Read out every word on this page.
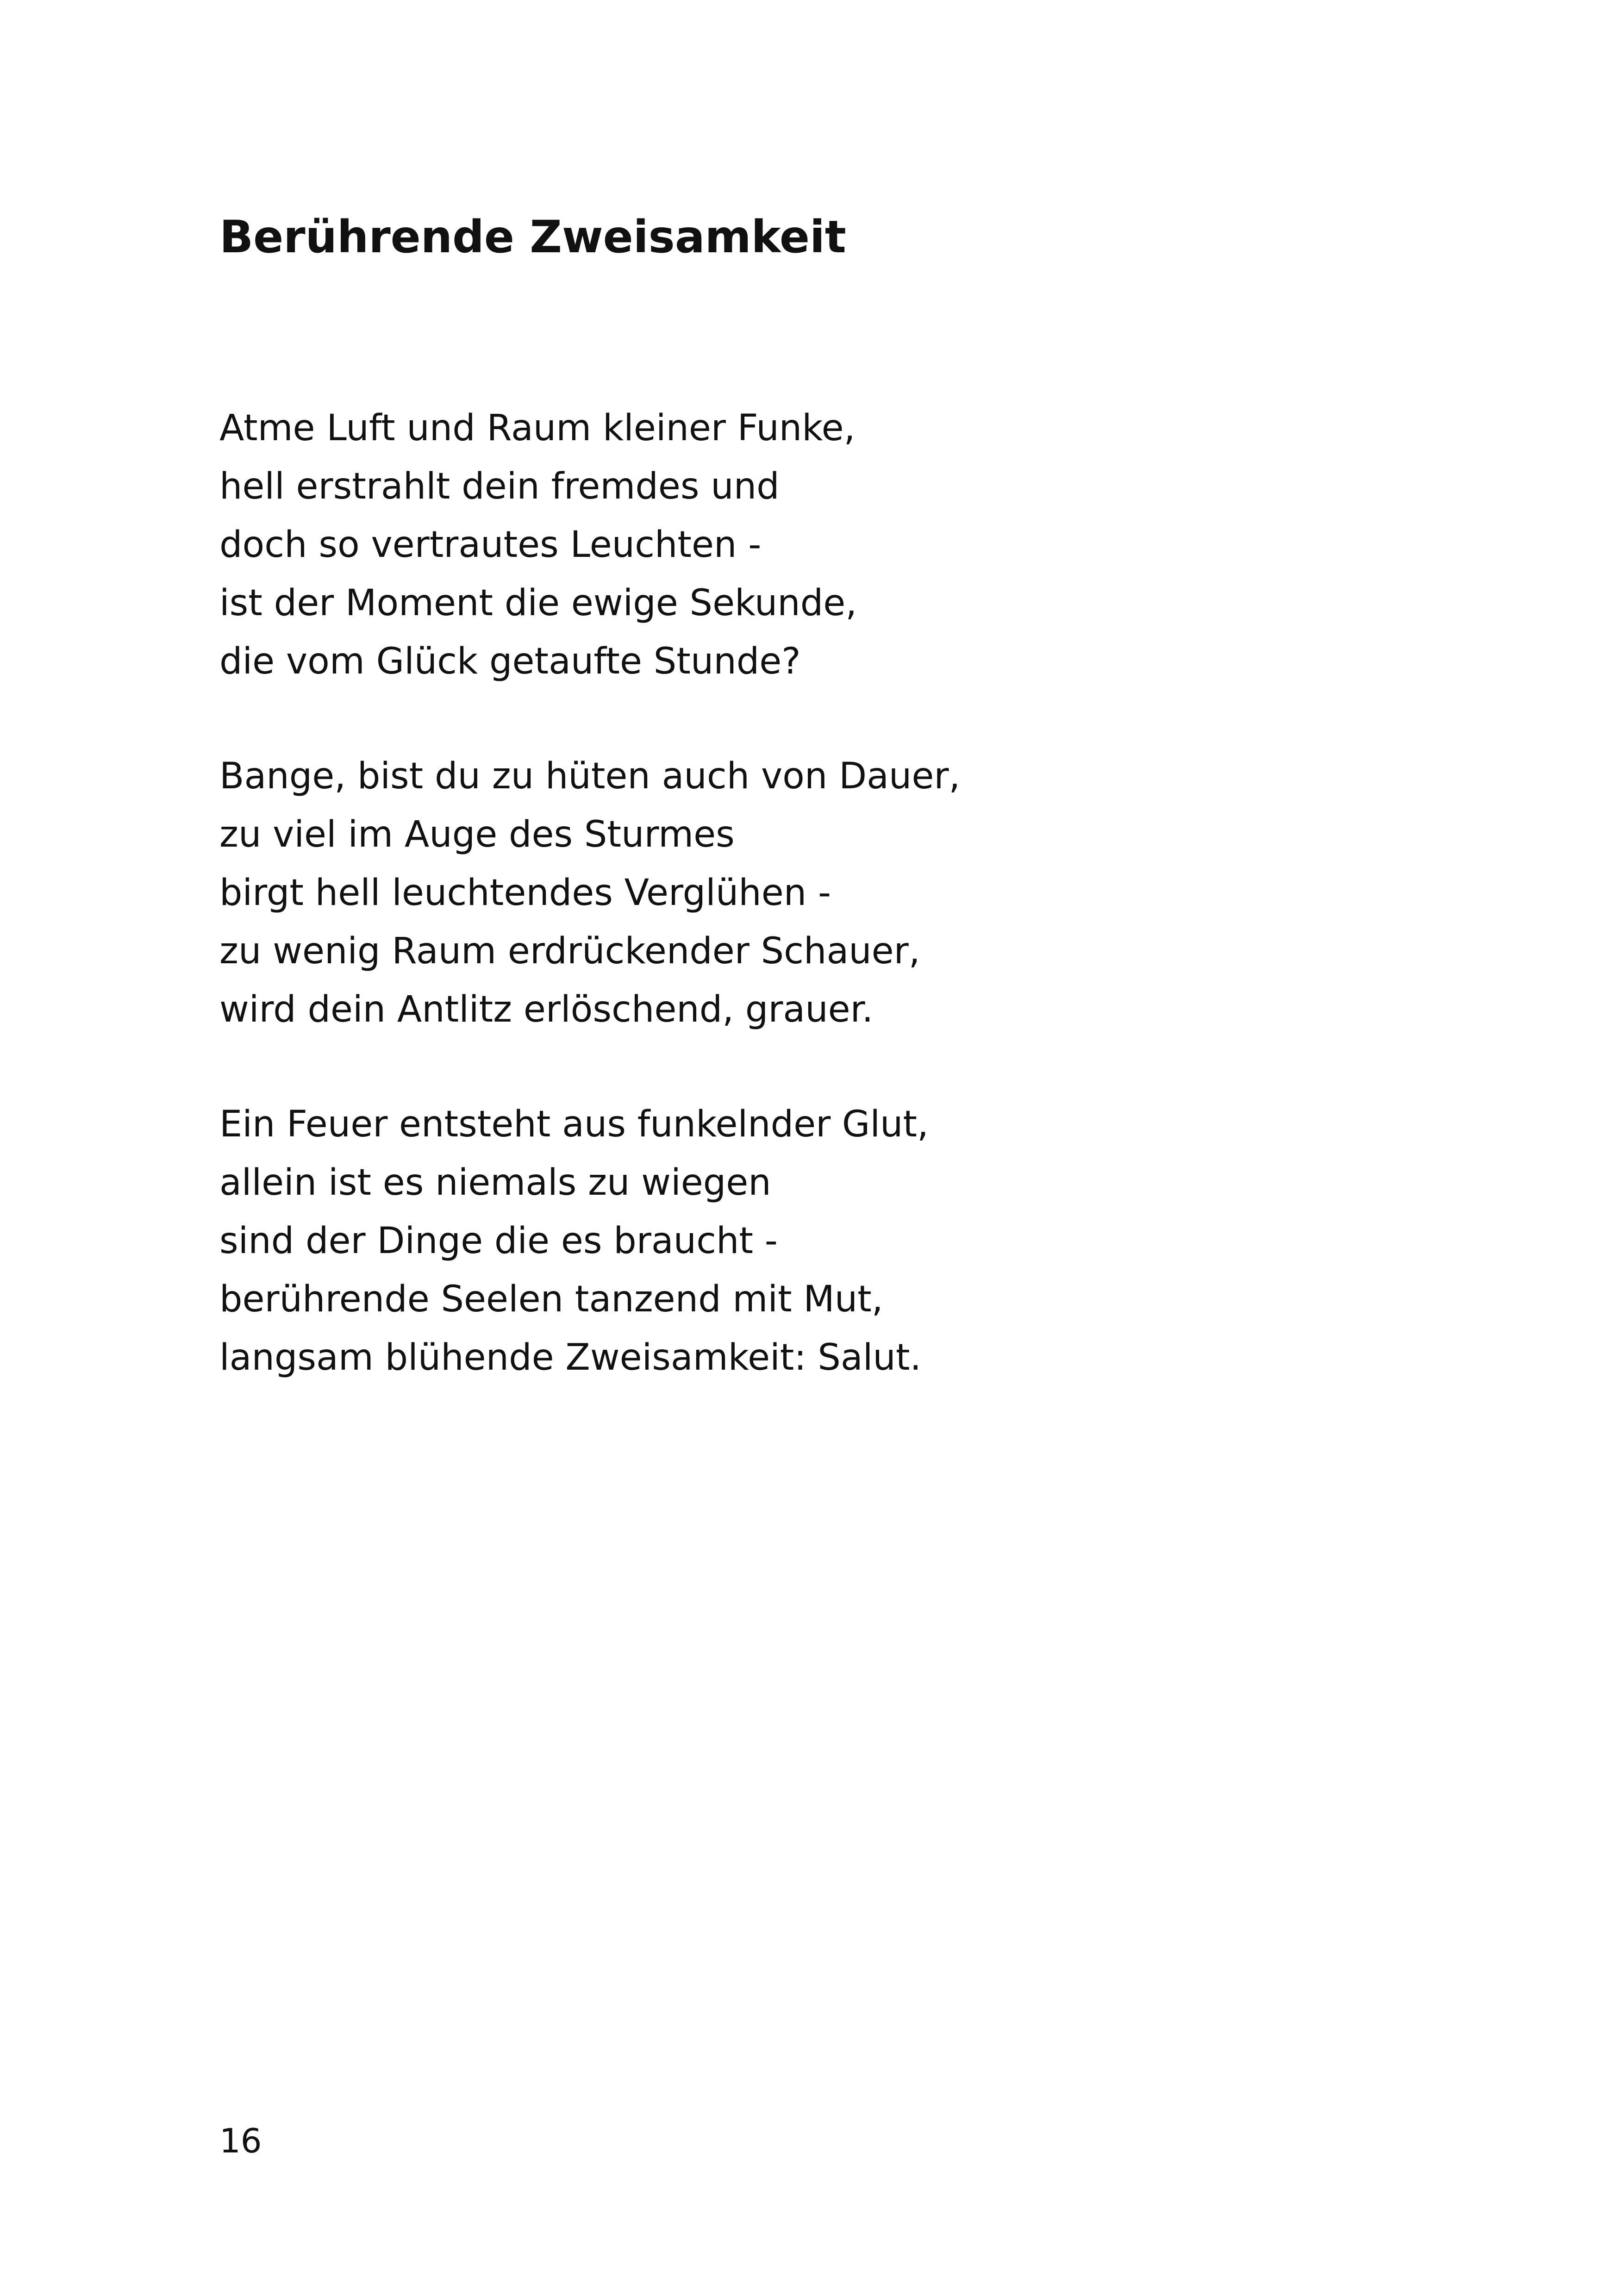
Berührende Zweisamkeit
Atme Luft und Raum kleiner Funke,
hell erstrahlt dein fremdes und
doch so vertrautes Leuchten -
ist der Moment die ewige Sekunde,
die vom Glück getaufte Stunde?
Bange, bist du zu hüten auch von Dauer,
zu viel im Auge des Sturmes
birgt hell leuchtendes Verglühen -
zu wenig Raum erdrückender Schauer,
wird dein Antlitz erlöschend, grauer.
Ein Feuer entsteht aus funkelnder Glut,
allein ist es niemals zu wiegen
sind der Dinge die es braucht -
berührende Seelen tanzend mit Mut,
langsam blühende Zweisamkeit: Salut.

16
